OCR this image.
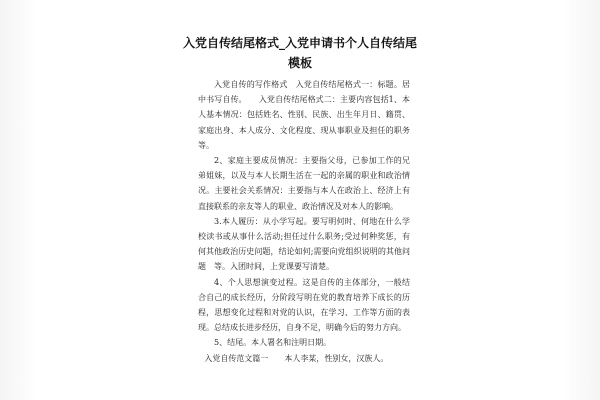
入党自传结尾格式_入党申请书个人自传结尾模板

入党自传的写作格式　入党自传结尾格式一：标题。居中书写自传。　　入党自传结尾格式二：主要内容包括1、本人基本情况：包括姓名、性别、民族、出生年月日、籍贯、家庭出身、本人成分、文化程度、现从事职业及担任的职务等。

2、家庭主要成员情况：主要指父母，已参加工作的兄弟姐妹，以及与本人长期生活在一起的亲属的职业和政治情况。主要社会关系情况：主要指与本人在政治上、经济上有直接联系的亲友等人的职业、政治情况及对本人的影响。

3.本人履历：从小学写起。要写明何时、何地在什么学校读书或从事什么活动;担任过什么职务;受过何种奖惩，有何其他政治历史问题，结论如何;需要向党组织说明的其他问题　等。入团时间，上党课要写清楚。

4、个人思想演变过程。这是自传的主体部分，一般结合自己的成长经历，分阶段写明在党的教育培养下成长的历程，思想变化过程和对党的认识，在学习、工作等方面的表现。总结成长进步经历，自身不足，明确今后的努力方向。

5、结尾。本人署名和注明日期。

入党自传范文篇一　　本人李某，性别女，汉族人。
